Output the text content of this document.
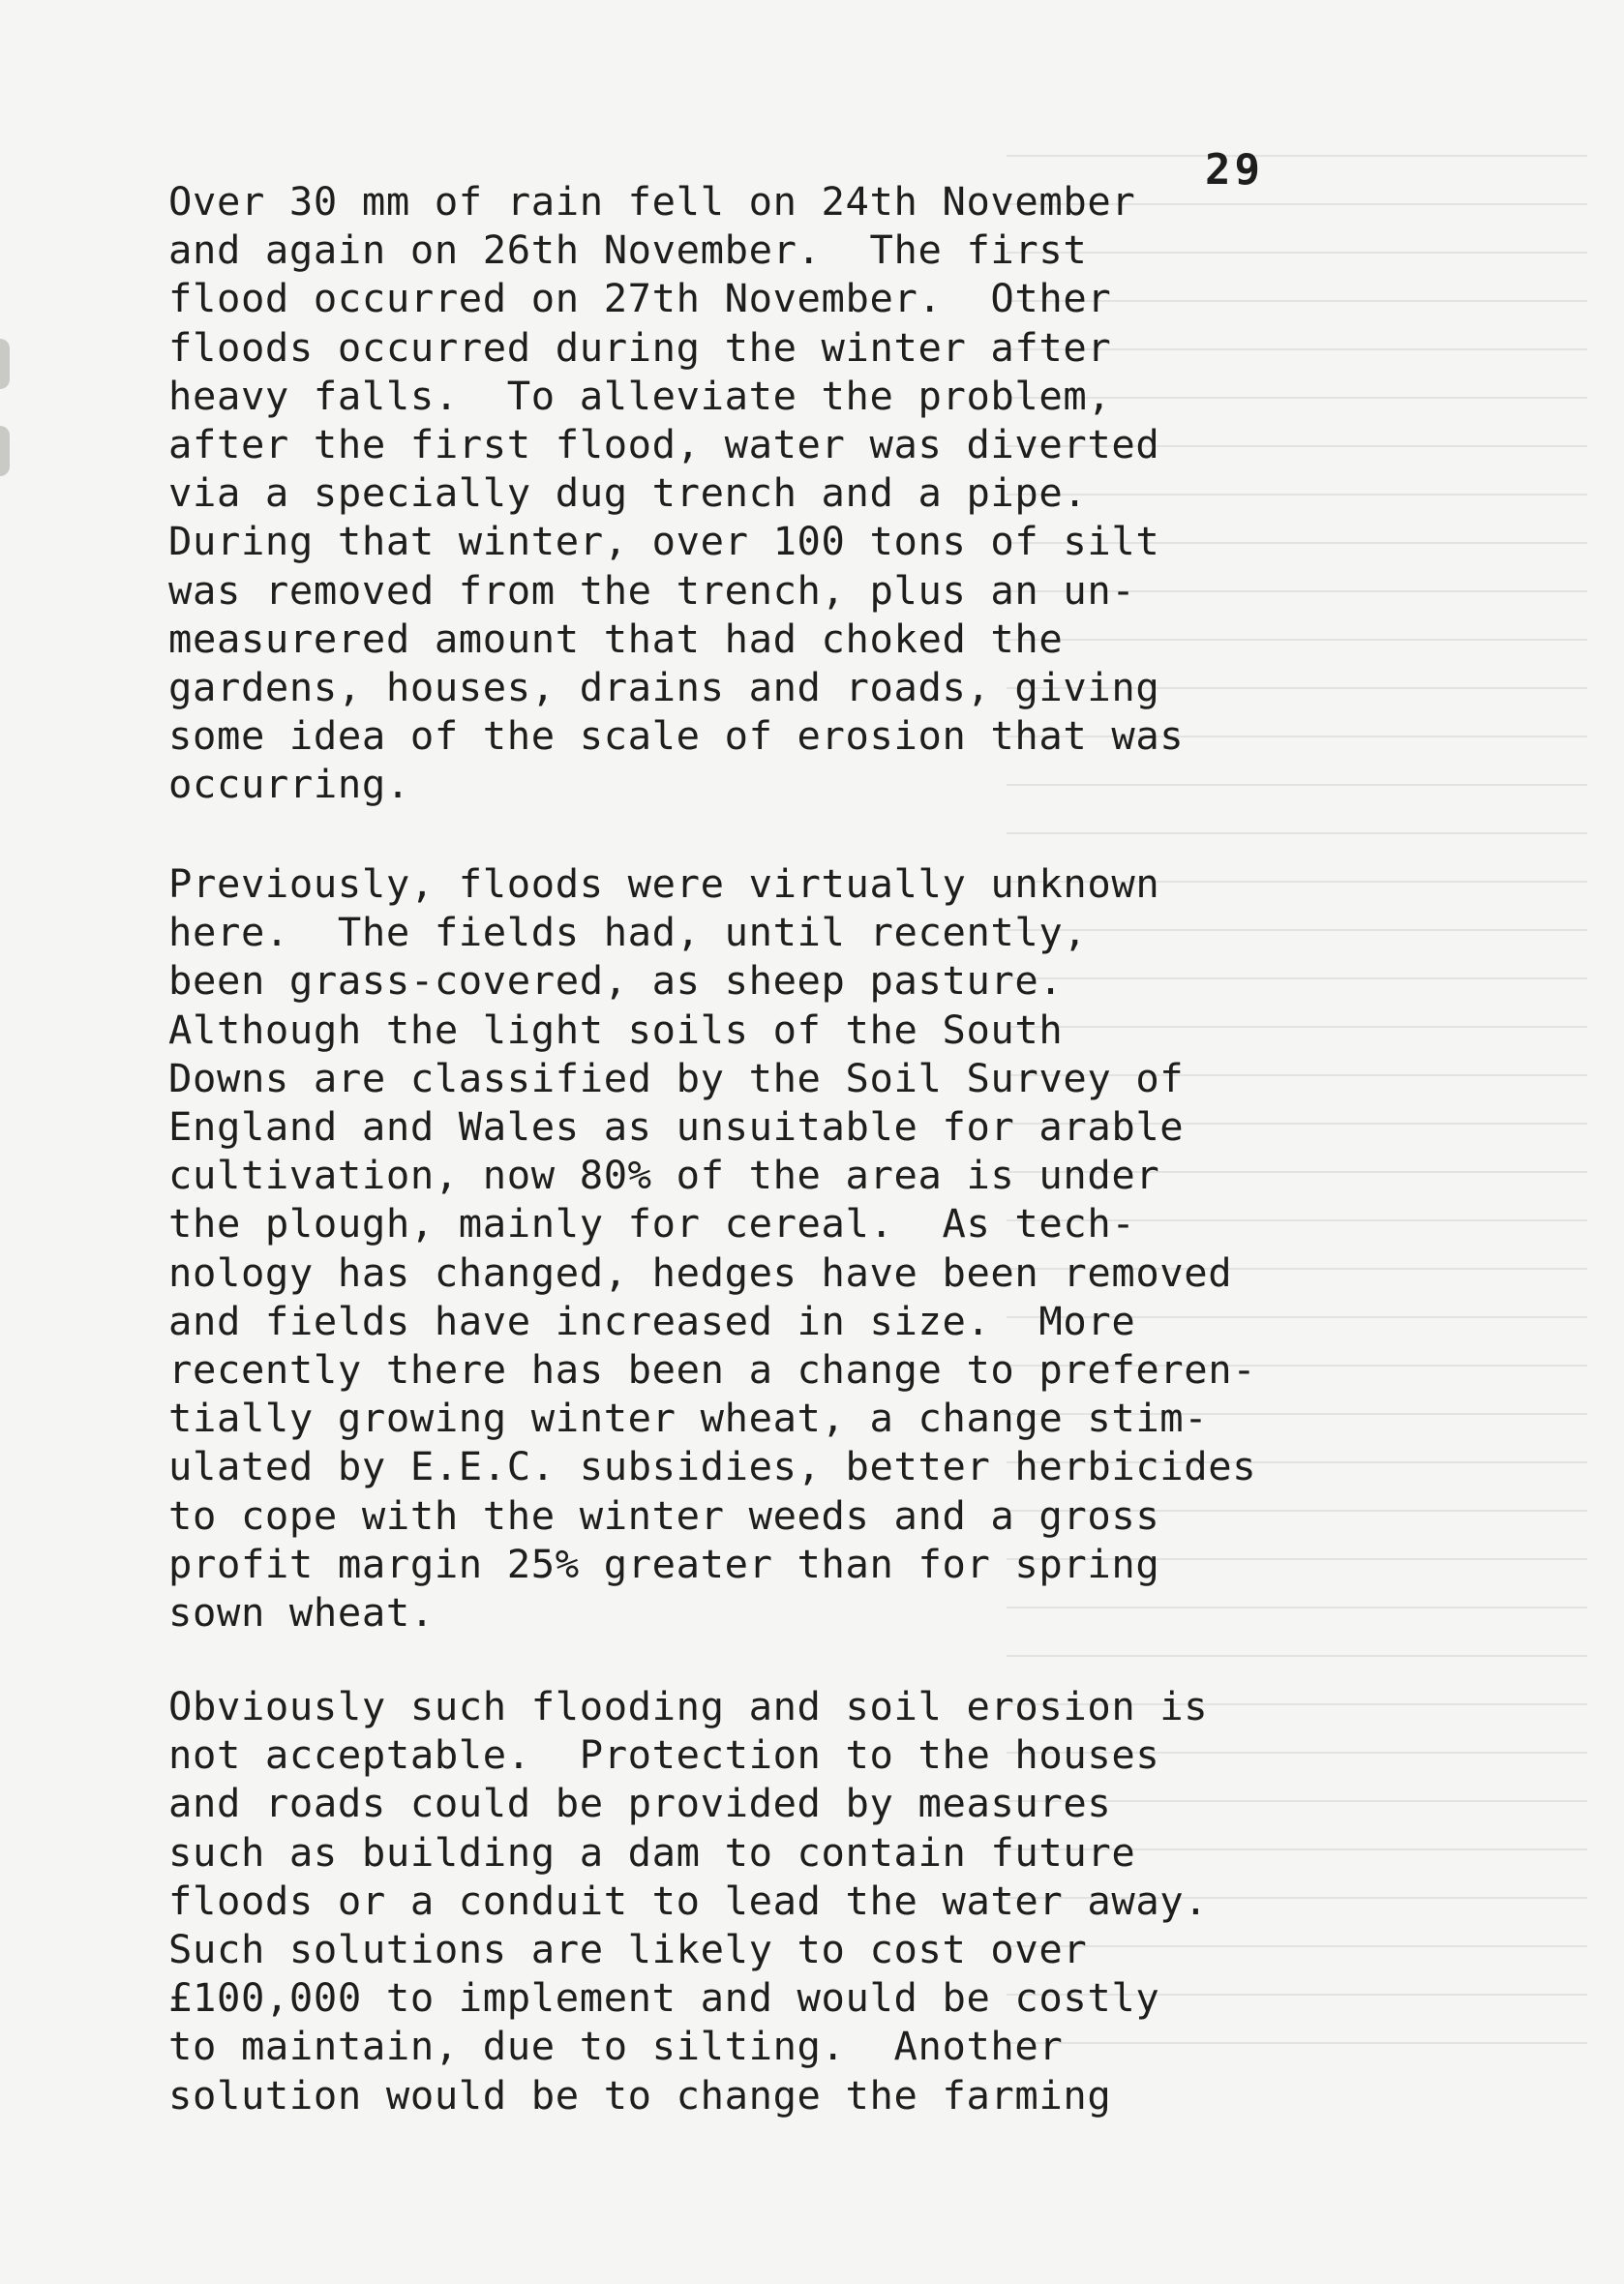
29

Over 30 mm of rain fell on 24th November
and again on 26th November.  The first
flood occurred on 27th November.  Other
floods occurred during the winter after
heavy falls.  To alleviate the problem,
after the first flood, water was diverted
via a specially dug trench and a pipe.
During that winter, over 100 tons of silt
was removed from the trench, plus an un-
measurered amount that had choked the
gardens, houses, drains and roads, giving
some idea of the scale of erosion that was
occurring.

Previously, floods were virtually unknown
here.  The fields had, until recently,
been grass-covered, as sheep pasture.
Although the light soils of the South
Downs are classified by the Soil Survey of
England and Wales as unsuitable for arable
cultivation, now 80% of the area is under
the plough, mainly for cereal.  As tech-
nology has changed, hedges have been removed
and fields have increased in size.  More
recently there has been a change to preferen-
tially growing winter wheat, a change stim-
ulated by E.E.C. subsidies, better herbicides
to cope with the winter weeds and a gross
profit margin 25% greater than for spring
sown wheat.

Obviously such flooding and soil erosion is
not acceptable.  Protection to the houses
and roads could be provided by measures
such as building a dam to contain future
floods or a conduit to lead the water away.
Such solutions are likely to cost over
£100,000 to implement and would be costly
to maintain, due to silting.  Another
solution would be to change the farming
